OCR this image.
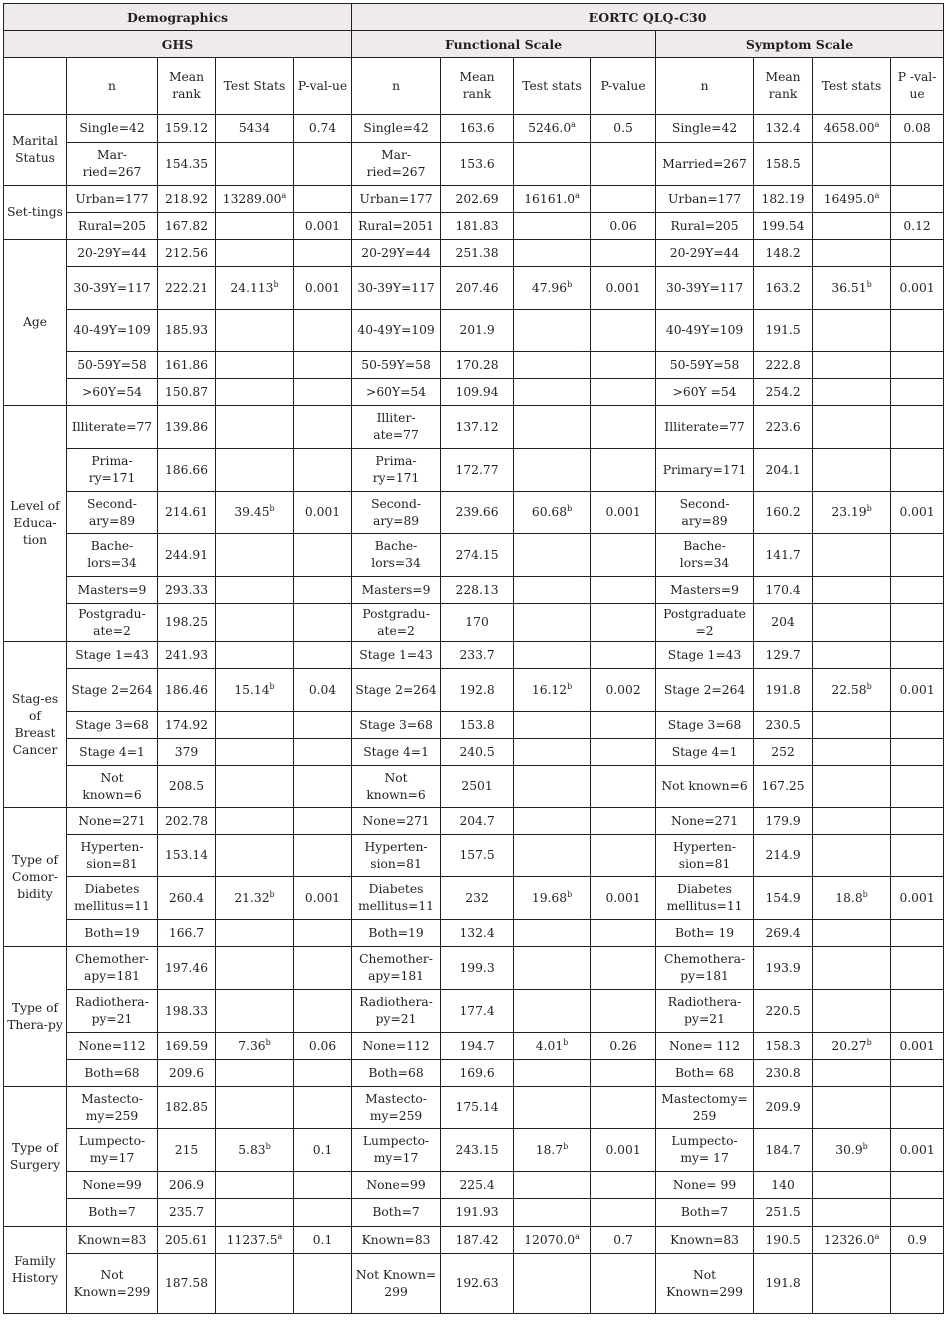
Demographics					EORTC QLQ-C30							
GHS					Functional Scale				Symptom Scale			
	n	Mean rank	Test Stats	P-val-ue	n	Mean rank	Test stats	P-value	n	Mean rank	Test stats	P -val-ue
Marital Status	Single=42	159.12	5434	0.74	Single=42	163.6	5246.0$^a$	0.5	Single=42	132.4	4658.00$^a$	0.08
	Mar-ried=267	154.35			Mar-ried=267	153.6			Married=267	158.5		
Set-tings	Urban=177	218.92	13289.00$^a$		Urban=177	202.69	16161.0$^a$		Urban=177	182.19	16495.0$^a$	
	Rural=205	167.82		0.001	Rural=2051	181.83		0.06	Rural=205	199.54		0.12
Age	20-29Y=44	212.56			20-29Y=44	251.38			20-29Y=44	148.2		
	30-39Y=117	222.21	24.113$^b$	0.001	30-39Y=117	207.46	47.96$^b$	0.001	30-39Y=117	163.2	36.51$^b$	0.001
	40-49Y=109	185.93			40-49Y=109	201.9			40-49Y=109	191.5		
	50-59Y=58	161.86			50-59Y=58	170.28			50-59Y=58	222.8		
	>60Y=54	150.87			>60Y=54	109.94			>60Y =54	254.2		
Level of Educa-tion	Illiterate=77	139.86			Illiter-ate=77	137.12			Illiterate=77	223.6		
	Prima-ry=171	186.66			Prima-ry=171	172.77			Primary=171	204.1		
	Second-ary=89	214.61	39.45$^b$	0.001	Second-ary=89	239.66	60.68$^b$	0.001	Second-ary=89	160.2	23.19$^b$	0.001
	Bache-lors=34	244.91			Bache-lors=34	274.15			Bache-lors=34	141.7		
	Masters=9	293.33			Masters=9	228.13			Masters=9	170.4		
	Postgradu-ate=2	198.25			Postgradu-ate=2	170			Postgraduate =2	204		
Stag-es of Breast Cancer	Stage 1=43	241.93			Stage 1=43	233.7			Stage 1=43	129.7		
	Stage 2=264	186.46	15.14$^b$	0.04	Stage 2=264	192.8	16.12$^b$	0.002	Stage 2=264	191.8	22.58$^b$	0.001
	Stage 3=68	174.92			Stage 3=68	153.8			Stage 3=68	230.5		
	Stage 4=1	379			Stage 4=1	240.5			Stage 4=1	252		
	Not known=6	208.5			Not known=6	2501			Not known=6	167.25		
Type of Comor-bidity	None=271	202.78			None=271	204.7			None=271	179.9		
	Hyperten-sion=81	153.14			Hyperten-sion=81	157.5			Hyperten-sion=81	214.9		
	Diabetes mellitus=11	260.4	21.32$^b$	0.001	Diabetes mellitus=11	232	19.68$^b$	0.001	Diabetes mellitus=11	154.9	18.8$^b$	0.001
	Both=19	166.7			Both=19	132.4			Both= 19	269.4		
Type of Thera-py	Chemother-apy=181	197.46			Chemother-apy=181	199.3			Chemothera-py=181	193.9		
	Radiothera-py=21	198.33			Radiothera-py=21	177.4			Radiothera-py=21	220.5		
	None=112	169.59	7.36$^b$	0.06	None=112	194.7	4.01$^b$	0.26	None= 112	158.3	20.27$^b$	0.001
	Both=68	209.6			Both=68	169.6			Both= 68	230.8		
Type of Surgery	Mastecto-my=259	182.85			Mastecto-my=259	175.14			Mastectomy= 259	209.9		
	Lumpecto-my=17	215	5.83$^b$	0.1	Lumpecto-my=17	243.15	18.7$^b$	0.001	Lumpecto-my= 17	184.7	30.9$^b$	0.001
	None=99	206.9			None=99	225.4			None= 99	140		
	Both=7	235.7			Both=7	191.93			Both=7	251.5		
Family History	Known=83	205.61	11237.5$^a$	0.1	Known=83	187.42	12070.0$^a$	0.7	Known=83	190.5	12326.0$^a$	0.9
	Not Known=299	187.58			Not Known= 299	192.63			Not Known=299	191.8		
